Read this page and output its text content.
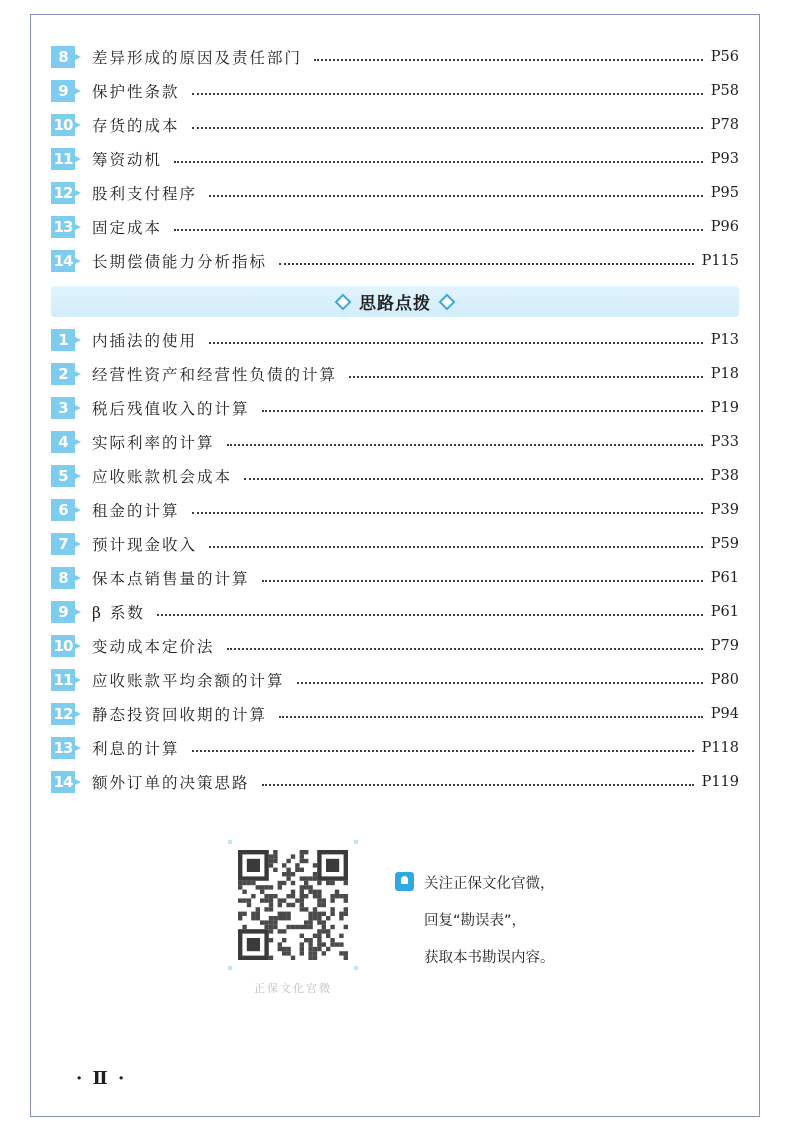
8	差异形成的原因及责任部门	P56
9	保护性条款	P58
10 存货的成本	P78
11 筹资动机	P93
12 股利支付程序	P95
13 固定成本	P96
14 长期偿债能力分析指标	P115
思路点拨
1	内插法的使用	P13
2	经营性资产和经营性负债的计算	P18
3	税后残值收入的计算	P19
4	实际利率的计算	P33
5	应收账款机会成本	P38
6	租金的计算	P39
7	预计现金收入	P59
8	保本点销售量的计算	P61
9	β 系数	P61
10 变动成本定价法	P79
11 应收账款平均余额的计算	P80
12 静态投资回收期的计算	P94
13 利息的计算	P118
14 额外订单的决策思路	P119
正保文化官微
关注正保文化官微，
回复“勘误表”，
获取本书勘误内容。
· Ⅱ ·
